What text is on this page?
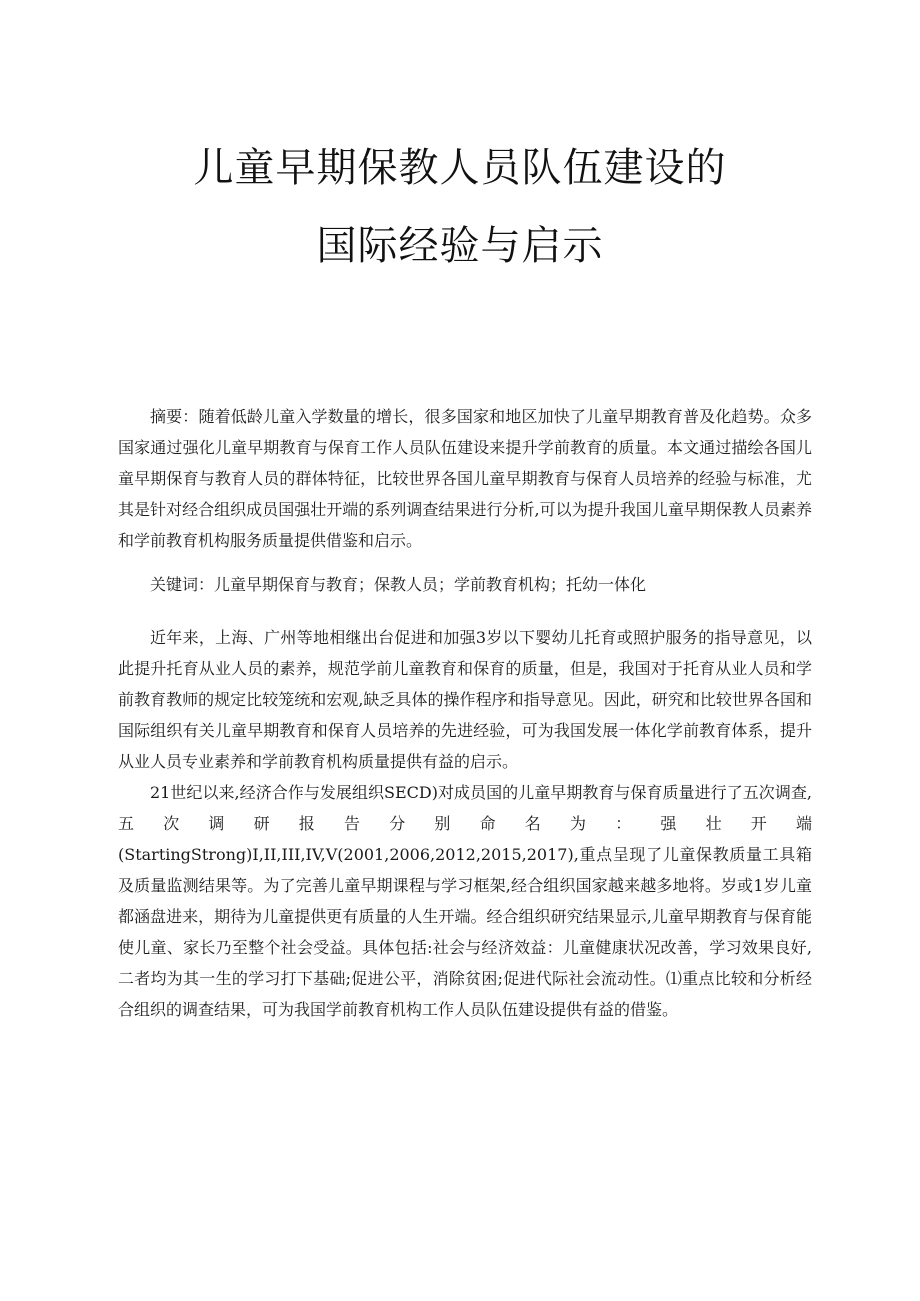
儿童早期保教人员队伍建设的
国际经验与启示

摘要：随着低龄儿童入学数量的增长，很多国家和地区加快了儿童早期教育普及化趋势。众多国家通过强化儿童早期教育与保育工作人员队伍建设来提升学前教育的质量。本文通过描绘各国儿童早期保育与教育人员的群体特征，比较世界各国儿童早期教育与保育人员培养的经验与标准，尤其是针对经合组织成员国强壮开端的系列调查结果进行分析,可以为提升我国儿童早期保教人员素养和学前教育机构服务质量提供借鉴和启示。

关键词：儿童早期保育与教育；保教人员；学前教育机构；托幼一体化

近年来，上海、广州等地相继出台促进和加强3岁以下婴幼儿托育或照护服务的指导意见，以此提升托育从业人员的素养，规范学前儿童教育和保育的质量，但是，我国对于托育从业人员和学前教育教师的规定比较笼统和宏观,缺乏具体的操作程序和指导意见。因此，研究和比较世界各国和国际组织有关儿童早期教育和保育人员培养的先进经验，可为我国发展一体化学前教育体系，提升从业人员专业素养和学前教育机构质量提供有益的启示。

21世纪以来,经济合作与发展组织SECD)对成员国的儿童早期教育与保育质量进行了五次调查,五次调研报告分别命名为：强壮开端(StartingStrong)I,II,III,IV,V(2001,2006,2012,2015,2017),重点呈现了儿童保教质量工具箱及质量监测结果等。为了完善儿童早期课程与学习框架,经合组织国家越来越多地将。岁或1岁儿童都涵盘进来，期待为儿童提供更有质量的人生开端。经合组织研究结果显示,儿童早期教育与保育能使儿童、家长乃至整个社会受益。具体包括:社会与经济效益：儿童健康状况改善，学习效果良好,二者均为其一生的学习打下基础;促进公平，消除贫困;促进代际社会流动性。⑴重点比较和分析经合组织的调查结果，可为我国学前教育机构工作人员队伍建设提供有益的借鉴。
